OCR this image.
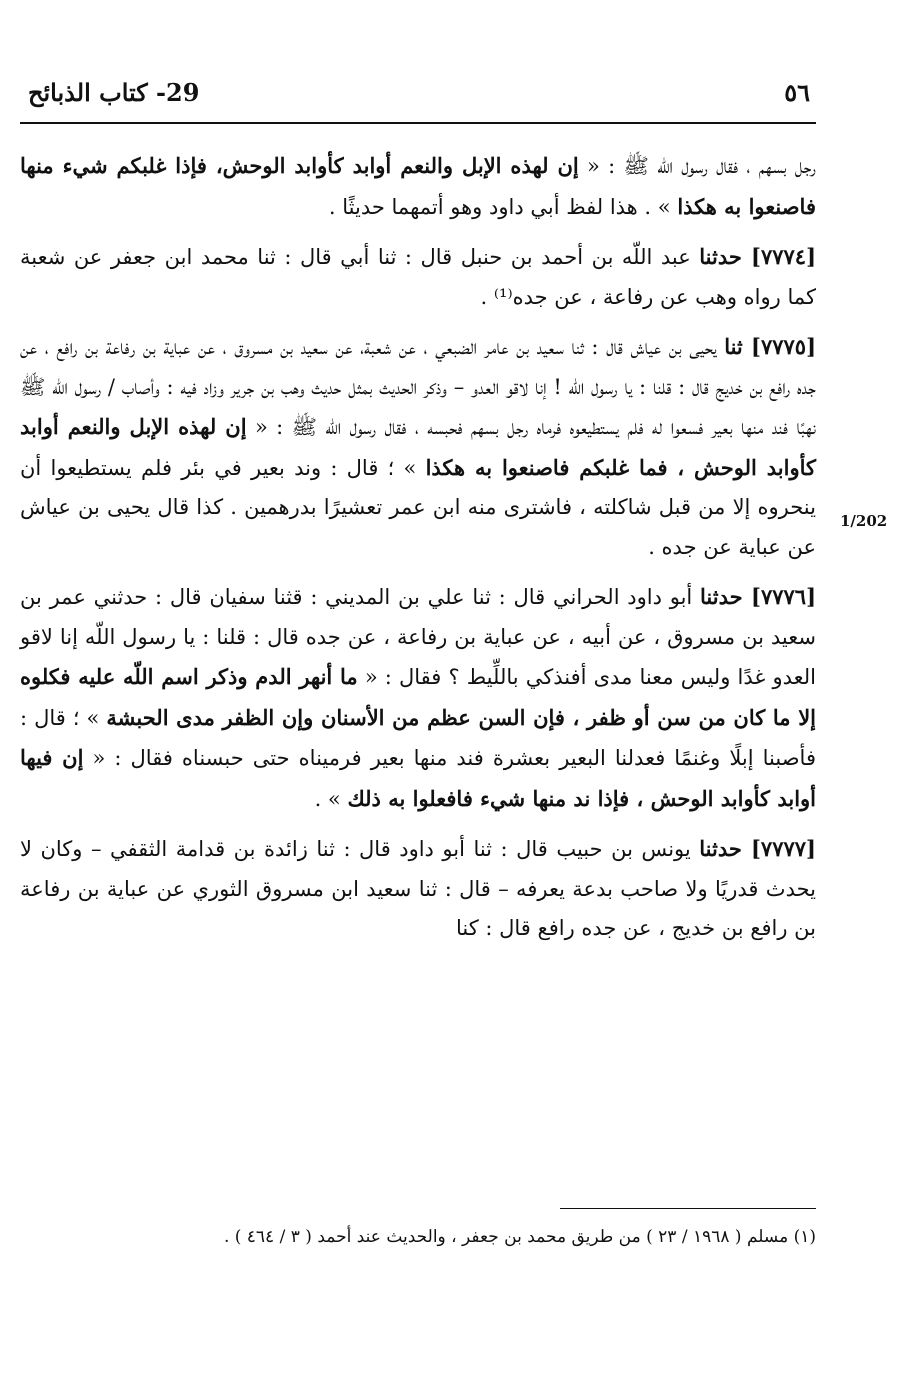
٥٦
29- كتاب الذبائح

رجل بسهم ، فقال رسول اللّه ﷺ : « إن لهذه الإبل والنعم أوابد كأوابد الوحش، فإذا غلبكم شيء منها فاصنعوا به هكذا » . هذا لفظ أبي داود وهو أتمهما حديثًا .

[٧٧٧٤] حدثنا عبد اللّه بن أحمد بن حنبل قال : ثنا أبي قال : ثنا محمد ابن جعفر عن شعبة كما رواه وهب عن رفاعة ، عن جده⁽¹⁾ .

[٧٧٧٥] ثنا يحيى بن عياش قال : ثنا سعيد بن عامر الضبعي ، عن شعبة، عن سعيد بن مسروق ، عن عباية بن رفاعة بن رافع ، عن جده رافع بن خديج قال : قلنا : يا رسول اللّه ! إنا لاقو العدو – وذكر الحديث بمثل حديث وهب بن جرير وزاد فيه : وأصاب / رسول اللّه ﷺ نهبًا فند منها بعير فسعوا له فلم يستطيعوه فرماه رجل بسهم فحبسه ، فقال رسول اللّه ﷺ : « إن لهذه الإبل والنعم أوابد كأوابد الوحش ، فما غلبكم فاصنعوا به هكذا » ؛ قال : وند بعير في بئر فلم يستطيعوا أن ينحروه إلا من قبل شاكلته ، فاشترى منه ابن عمر تعشيرًا بدرهمين . كذا قال يحيى بن عياش عن عباية عن جده .

[٧٧٧٦] حدثنا أبو داود الحراني قال : ثنا علي بن المديني : قثنا سفيان قال : حدثني عمر بن سعيد بن مسروق ، عن أبيه ، عن عباية بن رفاعة ، عن جده قال : قلنا : يا رسول اللّه إنا لاقو العدو غدًا وليس معنا مدى أفنذكي باللِّيط ؟ فقال : « ما أنهر الدم وذكر اسم اللّه عليه فكلوه إلا ما كان من سن أو ظفر ، فإن السن عظم من الأسنان وإن الظفر مدى الحبشة » ؛ قال : فأصبنا إبلًا وغنمًا فعدلنا البعير بعشرة فند منها بعير فرميناه حتى حبسناه فقال : « إن فيها أوابد كأوابد الوحش ، فإذا ند منها شيء فافعلوا به ذلك » .

[٧٧٧٧] حدثنا يونس بن حبيب قال : ثنا أبو داود قال : ثنا زائدة بن قدامة الثقفي – وكان لا يحدث قدريًا ولا صاحب بدعة يعرفه – قال : ثنا سعيد ابن مسروق الثوري عن عباية بن رفاعة بن رافع بن خديج ، عن جده رافع قال : كنا

1/202
(١) مسلم ( ١٩٦٨ / ٢٣ ) من طريق محمد بن جعفر ، والحديث عند أحمد ( ٣ / ٤٦٤ ) .
